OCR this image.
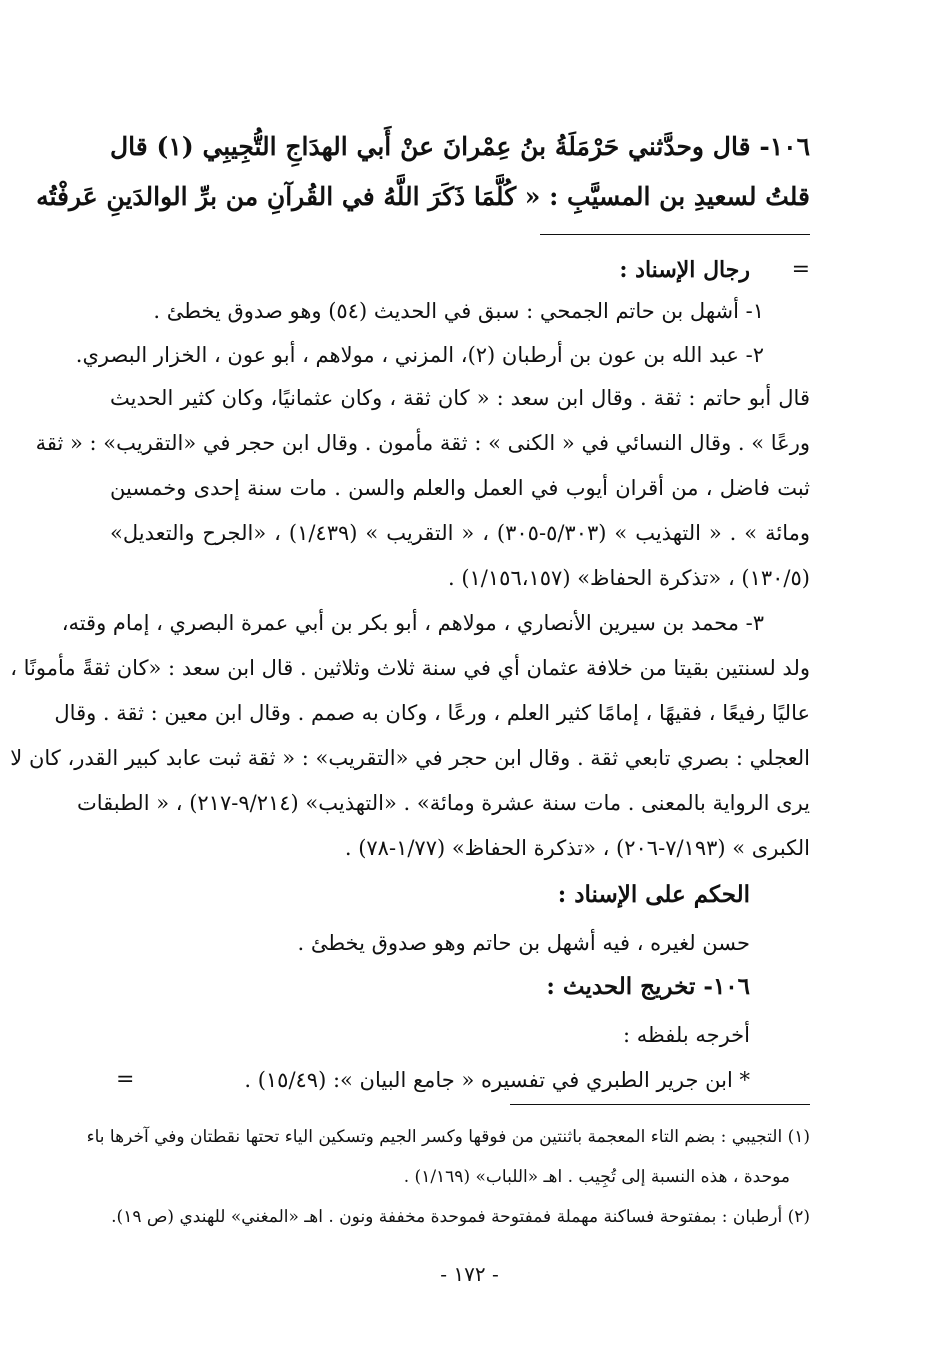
١٠٦- قال وحدَّثني حَرْمَلَةُ بنُ عِمْرانَ عنْ أَبي الهدَاجِ التُّجِيبِي (١) قال
قلتُ لسعيدِ بن المسيَّبِ : « كُلَّمَا ذَكَرَ اللَّهُ في القُرآنِ من برِّ الوالدَينِ عَرفْتُه
رجال الإسناد : =
١- أشهل بن حاتم الجمحي : سبق في الحديث (٥٤) وهو صدوق يخطئ .
٢- عبد الله بن عون بن أرطبان (٢)، المزني ، مولاهم ، أبو عون ، الخزار البصري.
قال أبو حاتم : ثقة . وقال ابن سعد : « كان ثقة ، وكان عثمانيًا، وكان كثير الحديث
ورعًا » . وقال النسائي في « الكنى » : ثقة مأمون . وقال ابن حجر في «التقريب» : « ثقة
ثبت فاضل ، من أقران أيوب في العمل والعلم والسن . مات سنة إحدى وخمسين
ومائة » . « التهذيب » (٥/٣٠٣-٣٠٥) ، « التقريب » (١/٤٣٩) ، «الجرح والتعديل»
(١٣٠/٥) ، «تذكرة الحفاظ» (١/١٥٦،١٥٧) .
٣- محمد بن سيرين الأنصاري ، مولاهم ، أبو بكر بن أبي عمرة البصري ، إمام وقته،
ولد لسنتين بقيتا من خلافة عثمان أي في سنة ثلاث وثلاثين . قال ابن سعد : «كان ثقةً مأمونًا ،
عاليًا رفيعًا ، فقيهًا ، إمامًا كثير العلم ، ورعًا ، وكان به صمم . وقال ابن معين : ثقة . وقال
العجلي : بصري تابعي ثقة . وقال ابن حجر في «التقريب» : « ثقة ثبت عابد كبير القدر، كان لا
يرى الرواية بالمعنى . مات سنة عشرة ومائة» . «التهذيب» (٩/٢١٤-٢١٧) ، « الطبقات
الكبرى » (٧/١٩٣-٢٠٦) ، «تذكرة الحفاظ» (١/٧٧-٧٨) .
الحكم على الإسناد :
حسن لغيره ، فيه أشهل بن حاتم وهو صدوق يخطئ .
١٠٦- تخريج الحديث :
أخرجه بلفظه :
* ابن جرير الطبري في تفسيره « جامع البيان »: (١٥/٤٩) .
=
(١) التجيبي : بضم التاء المعجمة باثنتين من فوقها وكسر الجيم وتسكين الياء تحتها نقطتان وفي آخرها باء
موحدة ، هذه النسبة إلى تُجِيب . اهـ «اللباب» (١/١٦٩) .
(٢) أرطبان : بمفتوحة فساكنة مهملة فمفتوحة فموحدة مخففة ونون . اهـ «المغني» للهندي (ص ١٩).
- ١٧٢ -
